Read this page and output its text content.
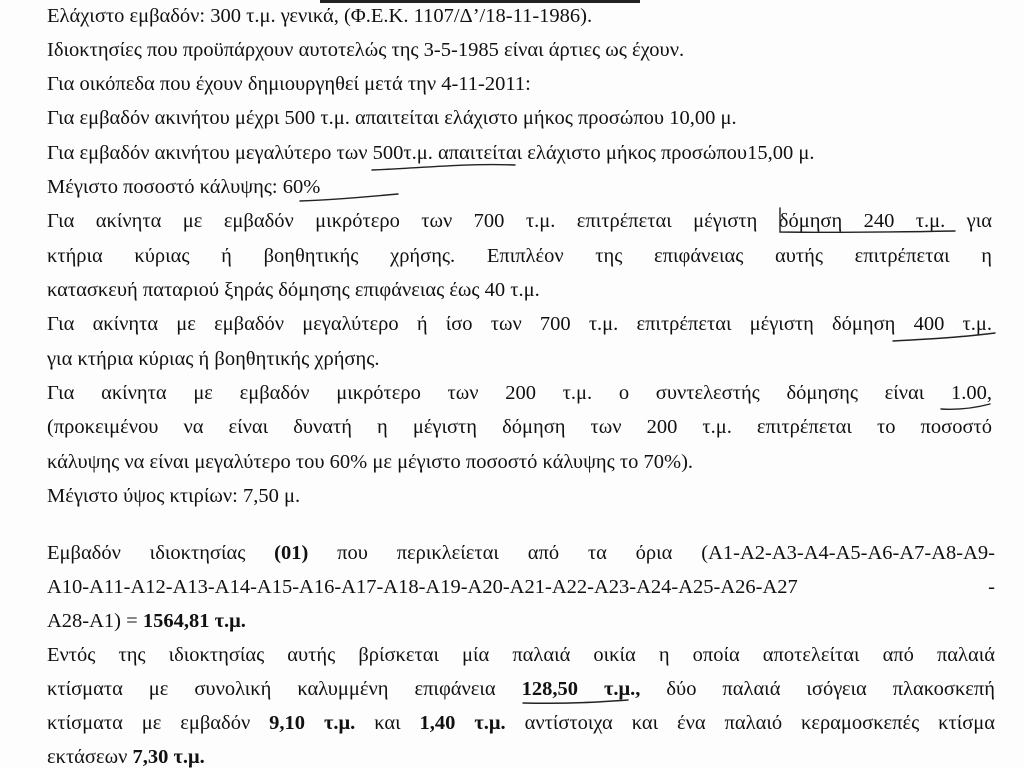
Ελάχιστο εμβαδόν: 300 τ.μ. γενικά, (Φ.Ε.Κ. 1107/Δ’/18-11-1986).
Ιδιοκτησίες που προϋπάρχουν αυτοτελώς της 3-5-1985 είναι άρτιες ως έχουν.
Για οικόπεδα που έχουν δημιουργηθεί μετά την 4-11-2011:
Για εμβαδόν ακινήτου μέχρι 500 τ.μ. απαιτείται ελάχιστο μήκος προσώπου 10,00 μ.
Για εμβαδόν ακινήτου μεγαλύτερο των 500τ.μ. απαιτείται ελάχιστο μήκος προσώπου15,00 μ.
Μέγιστο ποσοστό κάλυψης: 60%
Για ακίνητα με εμβαδόν μικρότερο των 700 τ.μ. επιτρέπεται μέγιστη δόμηση 240 τ.μ. για
κτήρια κύριας ή βοηθητικής χρήσης. Επιπλέον της επιφάνειας αυτής επιτρέπεται η
κατασκευή παταριού ξηράς δόμησης επιφάνειας έως 40 τ.μ.
Για ακίνητα με εμβαδόν μεγαλύτερο ή ίσο των 700 τ.μ. επιτρέπεται μέγιστη δόμηση 400 τ.μ.
για κτήρια κύριας ή βοηθητικής χρήσης.
Για ακίνητα με εμβαδόν μικρότερο των 200 τ.μ. ο συντελεστής δόμησης είναι 1.00,
(προκειμένου να είναι δυνατή η μέγιστη δόμηση των 200 τ.μ. επιτρέπεται το ποσοστό
κάλυψης να είναι μεγαλύτερο του 60% με μέγιστο ποσοστό κάλυψης το 70%).
Μέγιστο ύψος κτιρίων: 7,50 μ.
Εμβαδόν ιδιοκτησίας (01) που περικλείεται από τα όρια (Α1-Α2-Α3-Α4-Α5-Α6-Α7-Α8-Α9-
Α10-Α11-Α12-Α13-Α14-Α15-Α16-Α17-Α18-Α19-Α20-Α21-Α22-Α23-Α24-Α25-Α26-Α27 -
Α28-Α1) = 1564,81 τ.μ.
Εντός της ιδιοκτησίας αυτής βρίσκεται μία παλαιά οικία η οποία αποτελείται από παλαιά
κτίσματα με συνολική καλυμμένη επιφάνεια 128,50 τ.μ., δύο παλαιά ισόγεια πλακοσκεπή
κτίσματα με εμβαδόν 9,10 τ.μ. και 1,40 τ.μ. αντίστοιχα και ένα παλαιό κεραμοσκεπές κτίσμα
εκτάσεων 7,30 τ.μ.
